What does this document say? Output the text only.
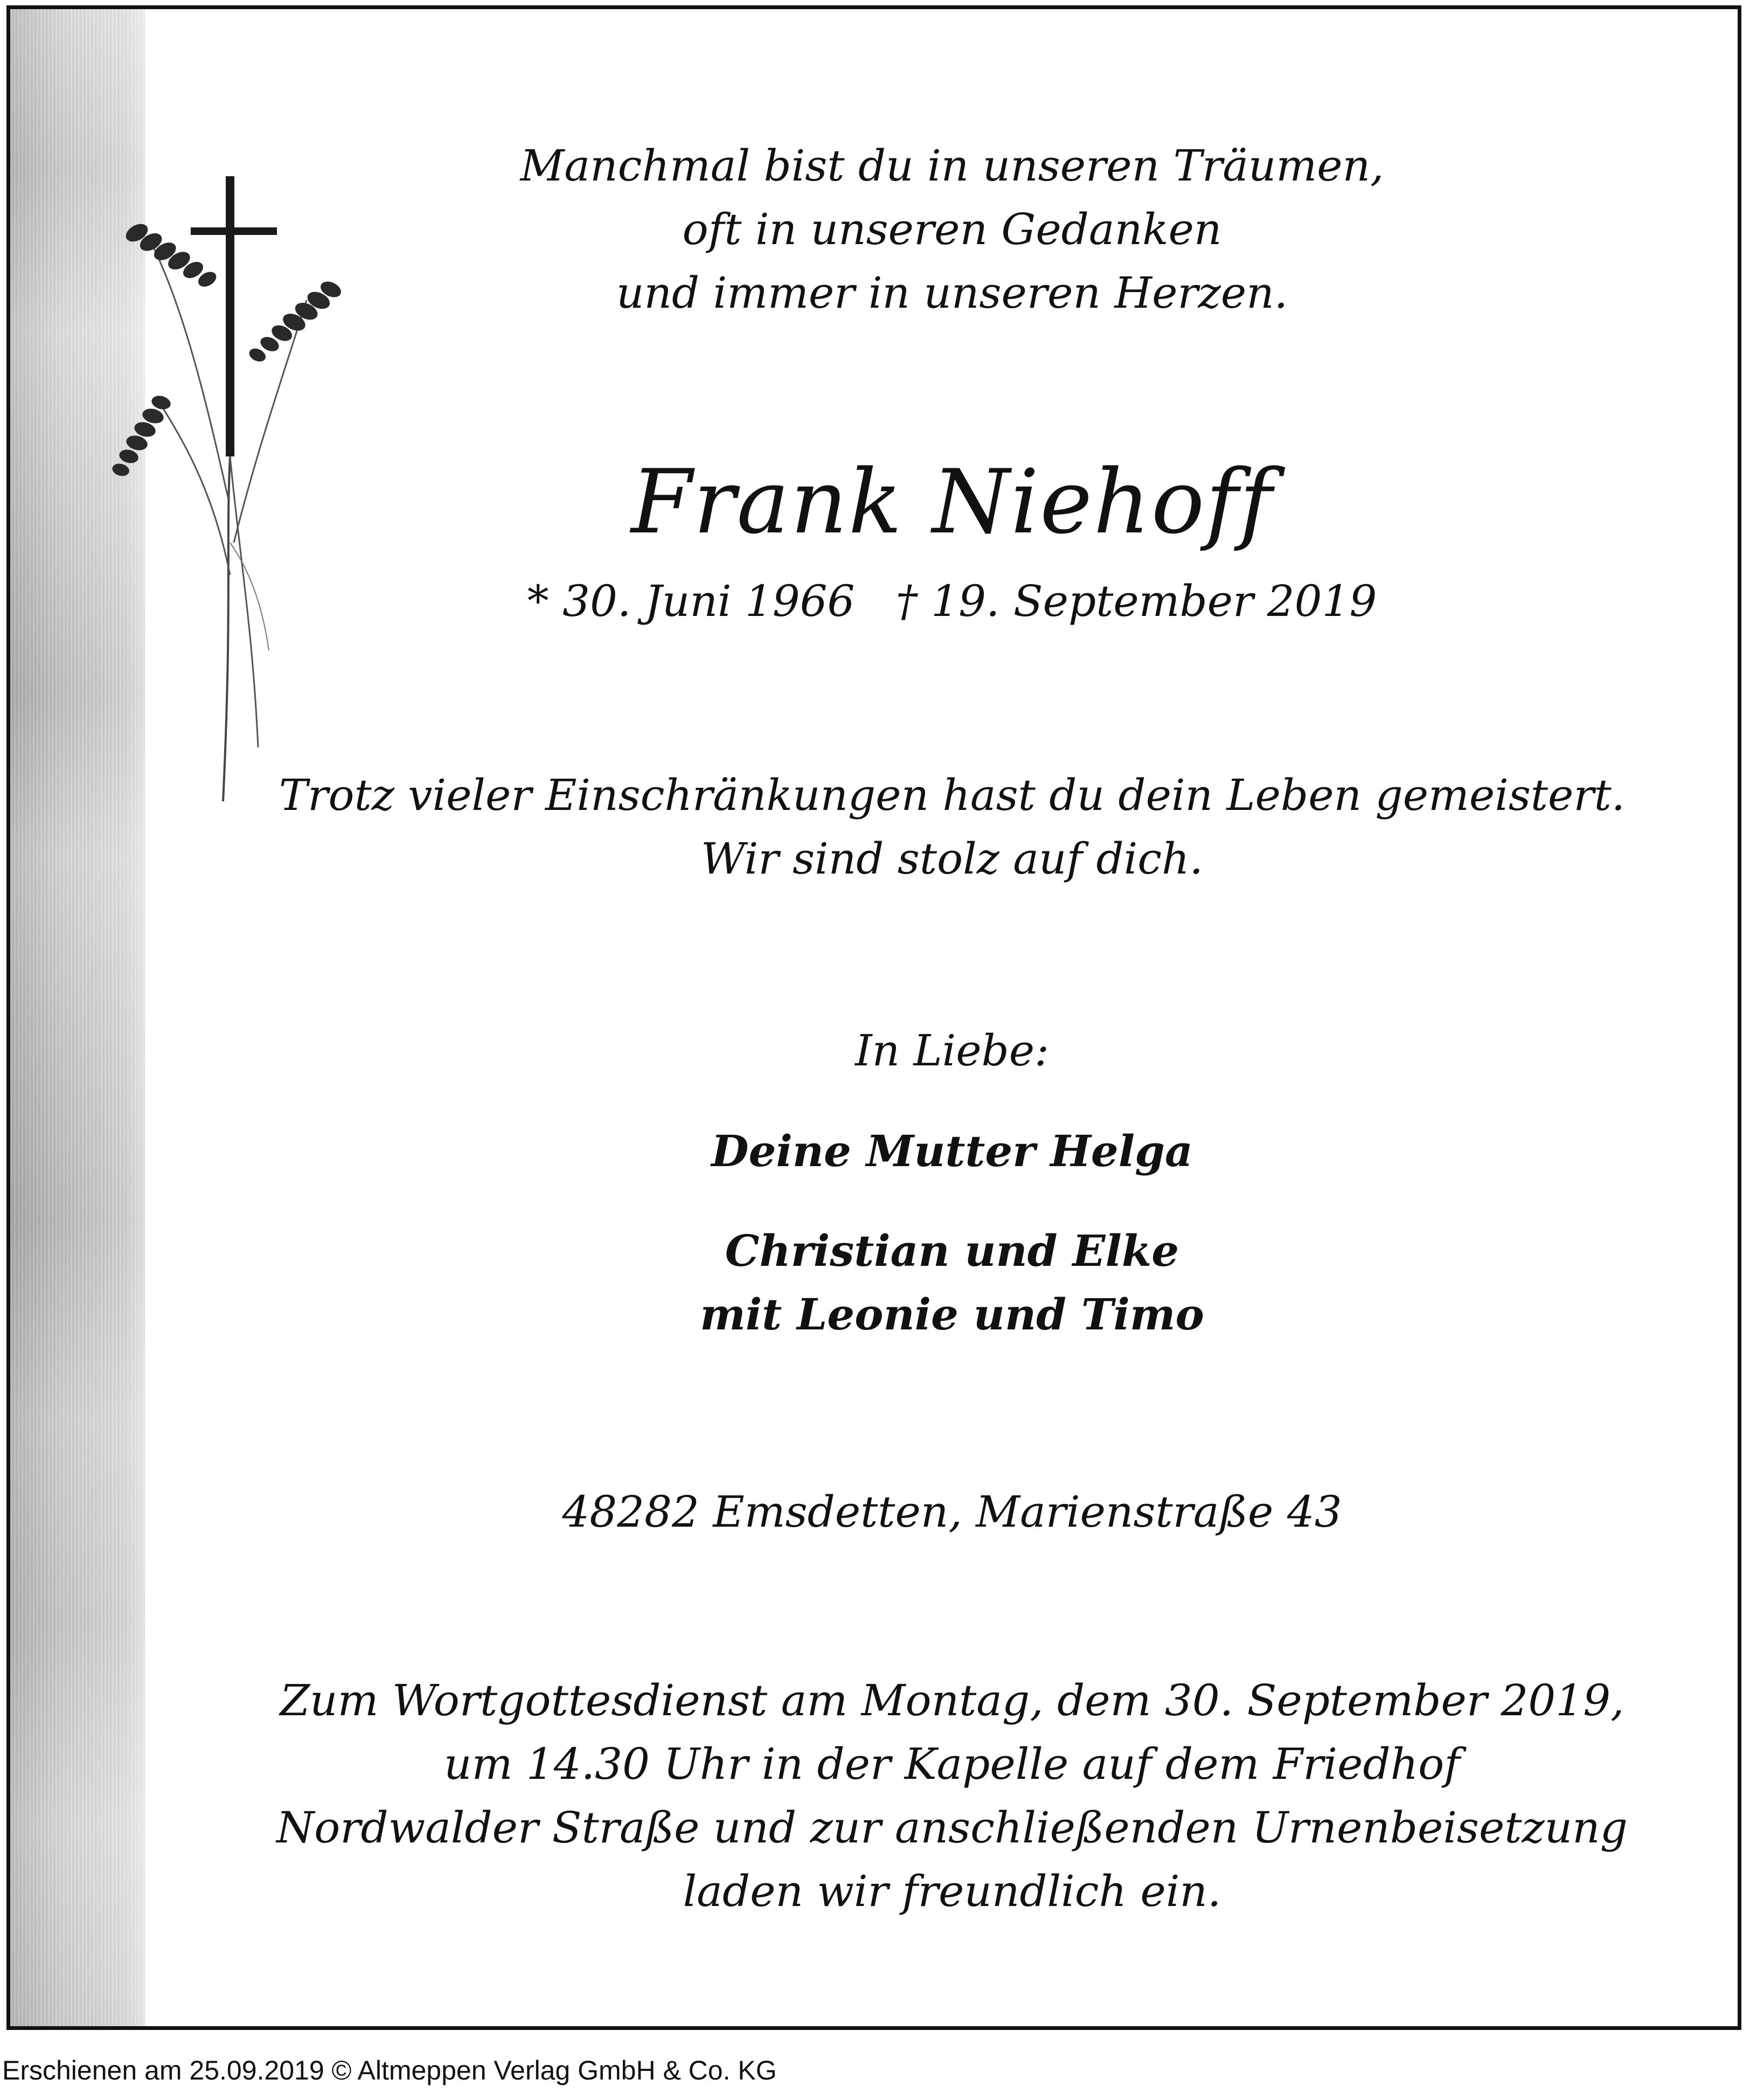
Manchmal bist du in unseren Träumen,

oft in unseren Gedanken

und immer in unseren Herzen.

Frank Niehoff

* 30. Juni 1966   † 19. September 2019

Trotz vieler Einschränkungen hast du dein Leben gemeistert.

Wir sind stolz auf dich.

In Liebe:

Deine Mutter Helga

Christian und Elke

mit Leonie und Timo

48282 Emsdetten, Marienstraße 43

Zum Wortgottesdienst am Montag, dem 30. September 2019,

um 14.30 Uhr in der Kapelle auf dem Friedhof

Nordwalder Straße und zur anschließenden Urnenbeisetzung

laden wir freundlich ein.

Erschienen am 25.09.2019 © Altmeppen Verlag GmbH & Co. KG
